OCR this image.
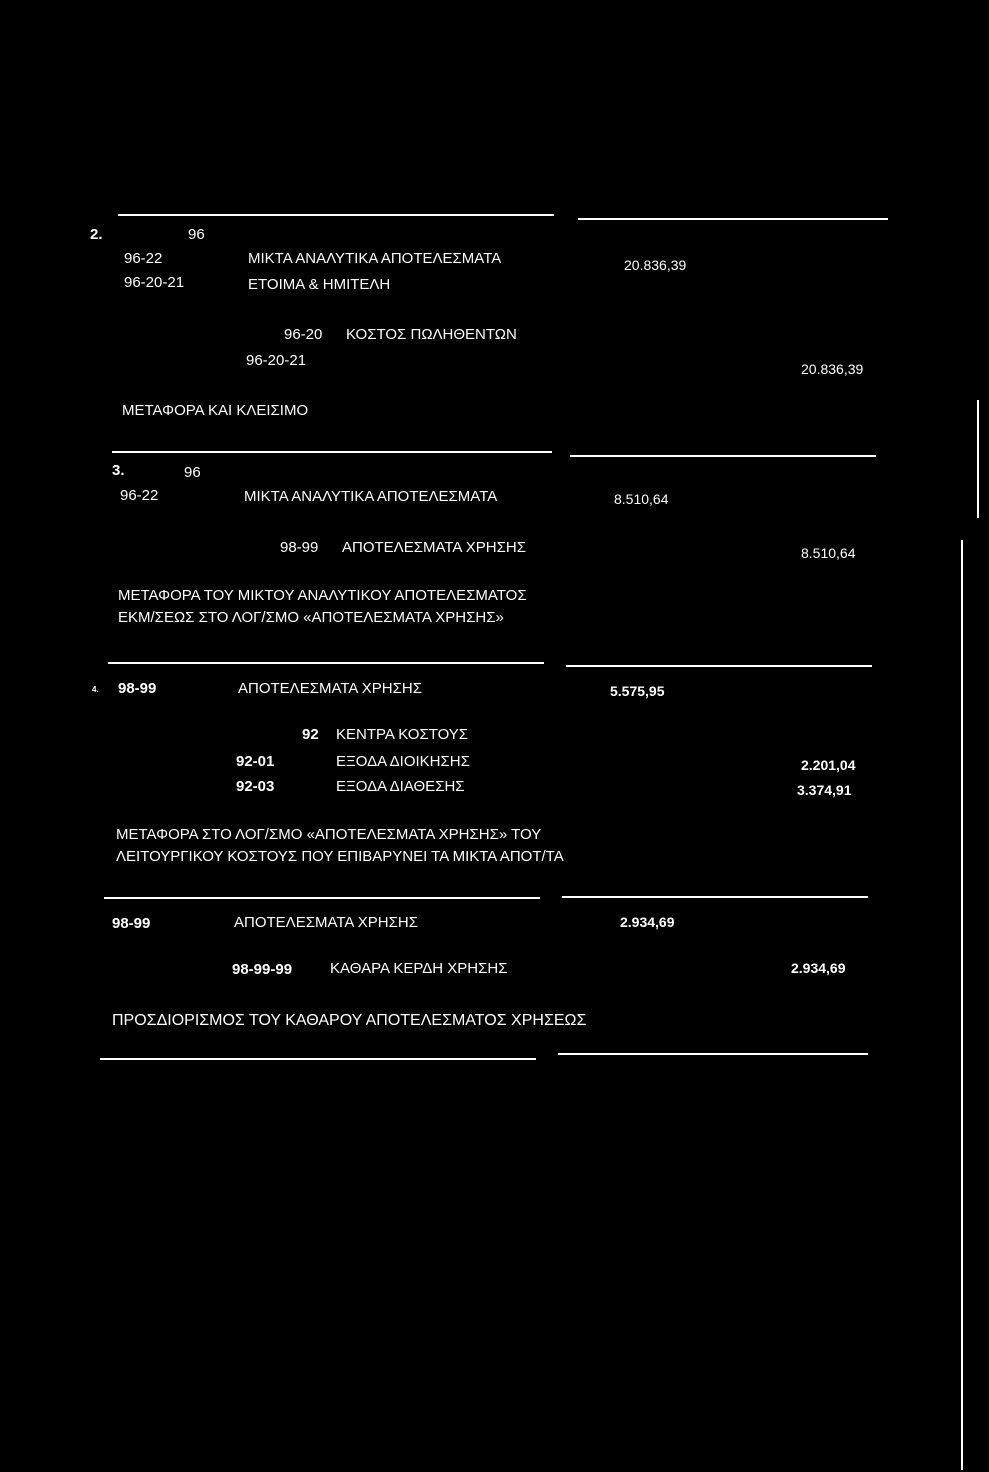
2.	96
96-22	ΜΙΚΤΑ ΑΝΑΛΥΤΙΚΑ ΑΠΟΤΕΛΕΣΜΑΤΑ	20.836,39
96-20-21	ΕΤΟΙΜΑ & ΗΜΙΤΕΛΗ
96-20 ΚΟΣΤΟΣ ΠΩΛΗΘΕΝΤΩΝ
96-20-21	20.836,39
ΜΕΤΑΦΟΡΑ ΚΑΙ ΚΛΕΙΣΙΜΟ
3.	96
96-22	ΜΙΚΤΑ ΑΝΑΛΥΤΙΚΑ ΑΠΟΤΕΛΕΣΜΑΤΑ	8.510,64
98-99 ΑΠΟΤΕΛΕΣΜΑΤΑ ΧΡΗΣΗΣ	8.510,64
ΜΕΤΑΦΟΡΑ ΤΟΥ ΜΙΚΤΟΥ ΑΝΑΛΥΤΙΚΟΥ ΑΠΟΤΕΛΕΣΜΑΤΟΣ
ΕΚΜ/ΣΕΩΣ ΣΤΟ ΛΟΓ/ΣΜΟ «ΑΠΟΤΕΛΕΣΜΑΤΑ ΧΡΗΣΗΣ»
4. 98-99	ΑΠΟΤΕΛΕΣΜΑΤΑ ΧΡΗΣΗΣ	5.575,95
92 ΚΕΝΤΡΑ ΚΟΣΤΟΥΣ
92-01	ΕΞΟΔΑ ΔΙΟΙΚΗΣΗΣ	2.201,04
92-03	ΕΞΟΔΑ ΔΙΑΘΕΣΗΣ	3.374,91
ΜΕΤΑΦΟΡΑ ΣΤΟ ΛΟΓ/ΣΜΟ «ΑΠΟΤΕΛΕΣΜΑΤΑ ΧΡΗΣΗΣ» ΤΟΥ
ΛΕΙΤΟΥΡΓΙΚΟΥ ΚΟΣΤΟΥΣ ΠΟΥ ΕΠΙΒΑΡΥΝΕΙ ΤΑ ΜΙΚΤΑ ΑΠΟΤ/ΤΑ
98-99	ΑΠΟΤΕΛΕΣΜΑΤΑ ΧΡΗΣΗΣ	2.934,69
98-99-99	ΚΑΘΑΡΑ ΚΕΡΔΗ ΧΡΗΣΗΣ	2.934,69
ΠΡΟΣΔΙΟΡΙΣΜΟΣ ΤΟΥ ΚΑΘΑΡΟΥ ΑΠΟΤΕΛΕΣΜΑΤΟΣ ΧΡΗΣΕΩΣ
